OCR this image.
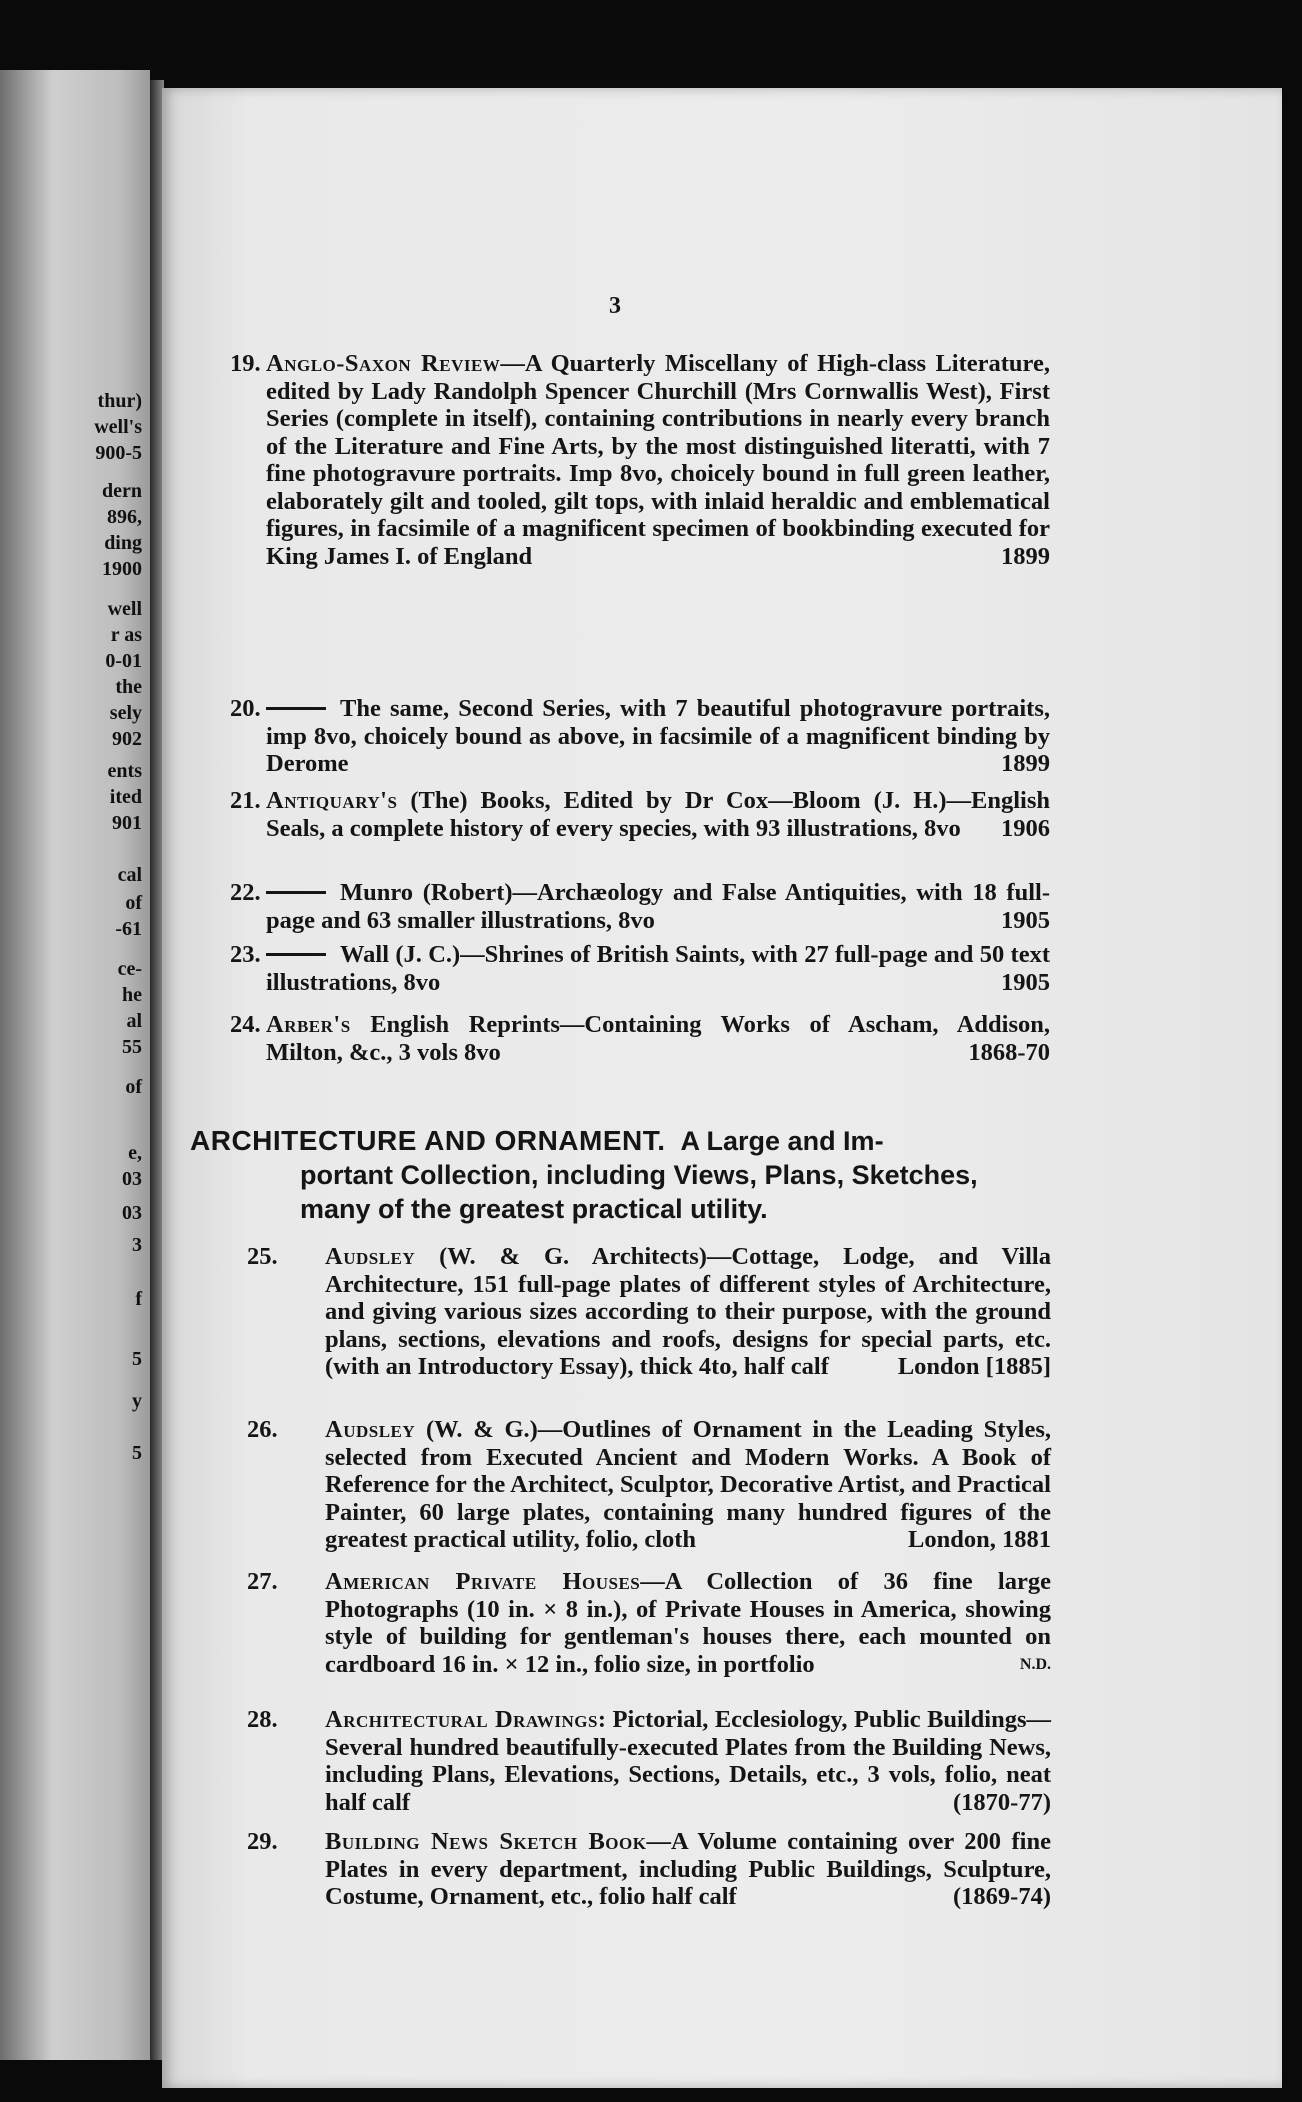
thur)
well's
900-5
dern
896,
ding
1900
well
r as
0-01
the
sely
902
ents
ited
901
cal
of
-61
ce-
he
al
55
of
e,
03
03
3
f
5
y
5
3
19. Anglo-Saxon Review—A Quarterly Miscellany of High-class Literature, edited by Lady Randolph Spencer Churchill (Mrs Cornwallis West), First Series (complete in itself), containing contributions in nearly every branch of the Literature and Fine Arts, by the most distinguished literatti, with 7 fine photogravure portraits. Imp 8vo, choicely bound in full green leather, elaborately gilt and tooled, gilt tops, with inlaid heraldic and emblematical figures, in facsimile of a magnificent specimen of bookbinding executed for King James I. of England	1899
20.	The same, Second Series, with 7 beautiful photogravure portraits, imp 8vo, choicely bound as above, in facsimile of a magnificent binding by Derome	1899
21. Antiquary's (The) Books, Edited by Dr Cox—Bloom (J. H.)—English Seals, a complete history of every species, with 93 illustrations, 8vo 1906
22.	Munro (Robert)—Archæology and False Antiquities, with 18 full-page and 63 smaller illustrations, 8vo	1905
23.	Wall (J. C.)—Shrines of British Saints, with 27 full-page and 50 text illustrations, 8vo	1905
24. Arber's English Reprints—Containing Works of Ascham, Addison, Milton, &c., 3 vols 8vo	1868-70
ARCHITECTURE AND ORNAMENT. A Large and Im-
portant Collection, including Views, Plans, Sketches,
many of the greatest practical utility.
25. Audsley (W. & G. Architects)—Cottage, Lodge, and Villa Architecture, 151 full-page plates of different styles of Architecture, and giving various sizes according to their purpose, with the ground plans, sections, elevations and roofs, designs for special parts, etc. (with an Introductory Essay), thick 4to, half calf	London [1885]
26. Audsley (W. & G.)—Outlines of Ornament in the Leading Styles, selected from Executed Ancient and Modern Works. A Book of Reference for the Architect, Sculptor, Decorative Artist, and Practical Painter, 60 large plates, containing many hundred figures of the greatest practical utility, folio, cloth	London, 1881
27. American Private Houses—A Collection of 36 fine large Photographs (10 in. × 8 in.), of Private Houses in America, showing style of building for gentleman's houses there, each mounted on cardboard 16 in. × 12 in., folio size, in portfolio	N.D.
28. Architectural Drawings: Pictorial, Ecclesiology, Public Buildings—Several hundred beautifully-executed Plates from the Building News, including Plans, Elevations, Sections, Details, etc., 3 vols, folio, neat half calf	(1870-77)
29. Building News Sketch Book—A Volume containing over 200 fine Plates in every department, including Public Buildings, Sculpture, Costume, Ornament, etc., folio half calf	(1869-74)
